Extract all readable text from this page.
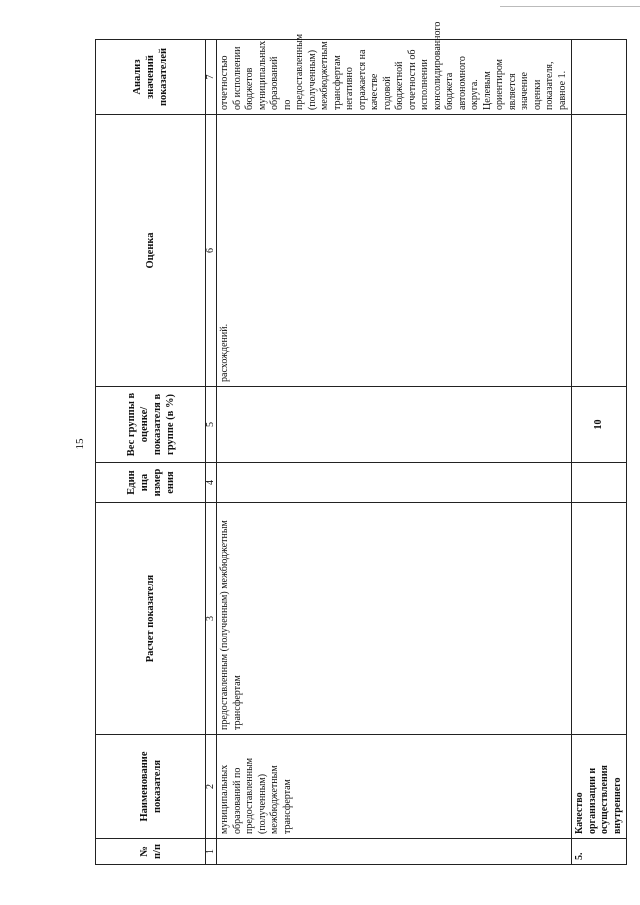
15
№ п/п	Наименование показателя	Расчет показателя	Един ица измер ения	Вес группы в оценке/ показателя в группе (в %)	Оценка	Анализ значений показателей
1	2	3	4	5	6	7
	муниципальных образований по предоставленным (полученным) межбюджетным трансфертам	предоставленным (полученным) межбюджетным трансфертам			расхождений.	отчетностью об исполнении бюджетов муниципальных образований по предоставленным (полученным) межбюджетным трансфертам негативно отражается на качестве годовой бюджетной отчетности об исполнении консолидированного бюджета автономного округа. Целевым ориентиром является значение оценки показателя, равное 1.
5.	Качество организации и осуществления внутреннего			10		
